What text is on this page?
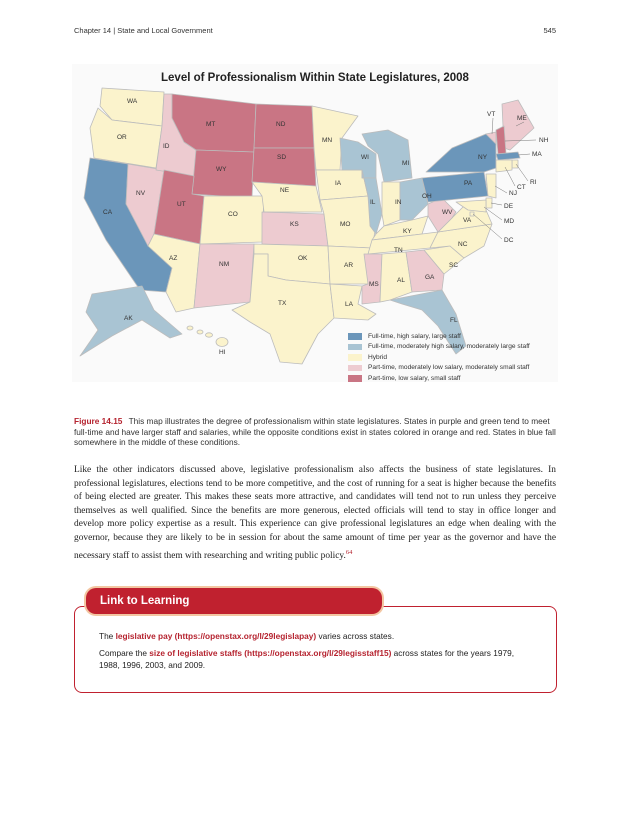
Chapter 14 | State and Local Government	545
Level of Professionalism Within State Legislatures, 2008
WA
OR
CA
NV
ID
MT
WY
UT
AZ
CO
NM
ND
SD
NE
KS
OK
TX
MN
IA
MO
AR
LA
WI
IL
MI
IN
OH
KY
TN
MS
AL	GA
FL
SC
NC
VA
WV
PA
NY
VT
ME
NH
MA
RI
CT
NJ
DE
MD
DC
AK
HI
Full-time, high salary, large staff
Full-time, moderately high salary, moderately large staff
Hybrid
Part-time, moderately low salary, moderately small staff
Part-time, low salary, small staff
Figure 14.15 This map illustrates the degree of professionalism within state legislatures. States in purple and green tend to meet full-time and have larger staff and salaries, while the opposite conditions exist in states colored in orange and red. States in blue fall somewhere in the middle of these conditions.
Like the other indicators discussed above, legislative professionalism also affects the business of state legislatures. In professional legislatures, elections tend to be more competitive, and the cost of running for a seat is higher because the benefits of being elected are greater. This makes these seats more attractive, and candidates will tend not to run unless they perceive themselves as well qualified. Since the benefits are more generous, elected officials will tend to stay in office longer and develop more policy expertise as a result. This experience can give professional legislatures an edge when dealing with the governor, because they are likely to be in session for about the same amount of time per year as the governor and have the necessary staff to assist them with researching and writing public policy.$^{64}$
Link to Learning
The legislative pay (https://openstax.org/l/29legislapay) varies across states.
Compare the size of legislative staffs (https://openstax.org/l/29legisstaff15) across states for the years 1979, 1988, 1996, 2003, and 2009.
